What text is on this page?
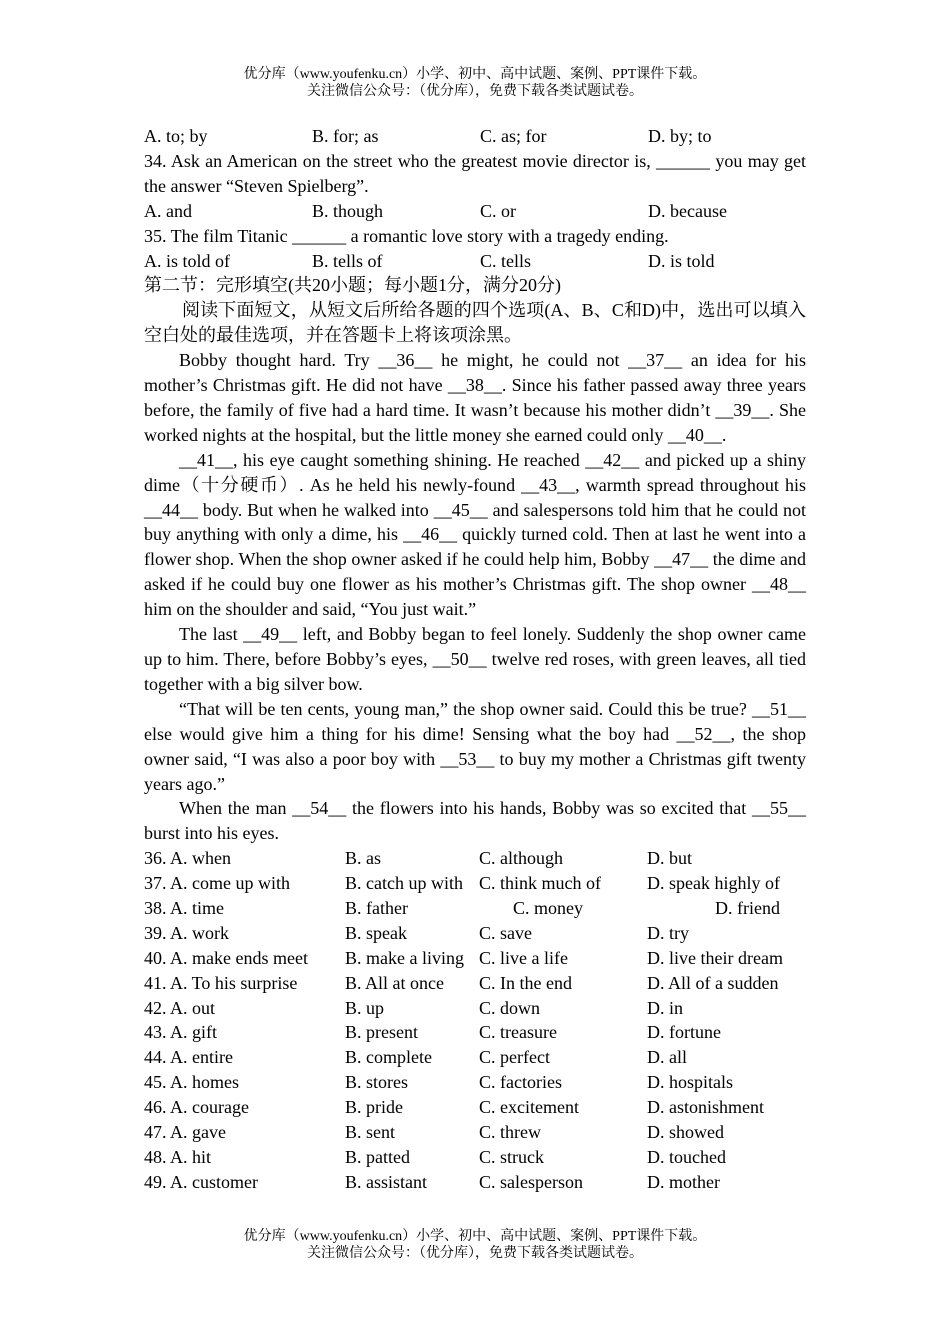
优分库（www.youfenku.cn）小学、初中、高中试题、案例、PPT课件下载。
关注微信公众号：（优分库），免费下载各类试题试卷。
A. to; by	B. for; as	C. as; for	D. by; to

34. Ask an American on the street who the greatest movie director is, ______ you may get the answer “Steven Spielberg”.

A. and	B. though	C. or	D. because

35. The film Titanic ______ a romantic love story with a tragedy ending.

A. is told of	B. tells of	C. tells	D. is told

第二节：完形填空(共20小题；每小题1分，满分20分)

阅读下面短文，从短文后所给各题的四个选项(A、B、C和D)中，选出可以填入空白处的最佳选项，并在答题卡上将该项涂黑。

Bobby thought hard. Try __36__ he might, he could not __37__ an idea for his mother’s Christmas gift. He did not have __38__. Since his father passed away three years before, the family of five had a hard time. It wasn’t because his mother didn’t __39__. She worked nights at the hospital, but the little money she earned could only __40__.

__41__, his eye caught something shining. He reached __42__ and picked up a shiny dime（十分硬币）. As he held his newly-found __43__, warmth spread throughout his __44__ body. But when he walked into __45__ and salespersons told him that he could not buy anything with only a dime, his __46__ quickly turned cold. Then at last he went into a flower shop. When the shop owner asked if he could help him, Bobby __47__ the dime and asked if he could buy one flower as his mother’s Christmas gift. The shop owner __48__ him on the shoulder and said, “You just wait.”

The last __49__ left, and Bobby began to feel lonely. Suddenly the shop owner came up to him. There, before Bobby’s eyes, __50__ twelve red roses, with green leaves, all tied together with a big silver bow.

“That will be ten cents, young man,” the shop owner said. Could this be true? __51__ else would give him a thing for his dime! Sensing what the boy had __52__, the shop owner said, “I was also a poor boy with __53__ to buy my mother a Christmas gift twenty years ago.”

When the man __54__ the flowers into his hands, Bobby was so excited that __55__ burst into his eyes.

36. A. when	B. as	C. although	D. but
37. A. come up with	B. catch up with C. think much of	D. speak highly of
38. A. time	B. father	C. money	D. friend
39. A. work	B. speak	C. save	D. try
40. A. make ends meet	B. make a living C. live a life	D. live their dream
41. A. To his surprise	B. All at once	C. In the end	D. All of a sudden
42. A. out	B. up	C. down	D. in
43. A. gift	B. present	C. treasure	D. fortune
44. A. entire	B. complete	C. perfect	D. all
45. A. homes	B. stores	C. factories	D. hospitals
46. A. courage	B. pride	C. excitement	D. astonishment
47. A. gave	B. sent	C. threw	D. showed
48. A. hit	B. patted	C. struck	D. touched
49. A. customer	B. assistant	C. salesperson	D. mother
优分库（www.youfenku.cn）小学、初中、高中试题、案例、PPT课件下载。
关注微信公众号：（优分库），免费下载各类试题试卷。
